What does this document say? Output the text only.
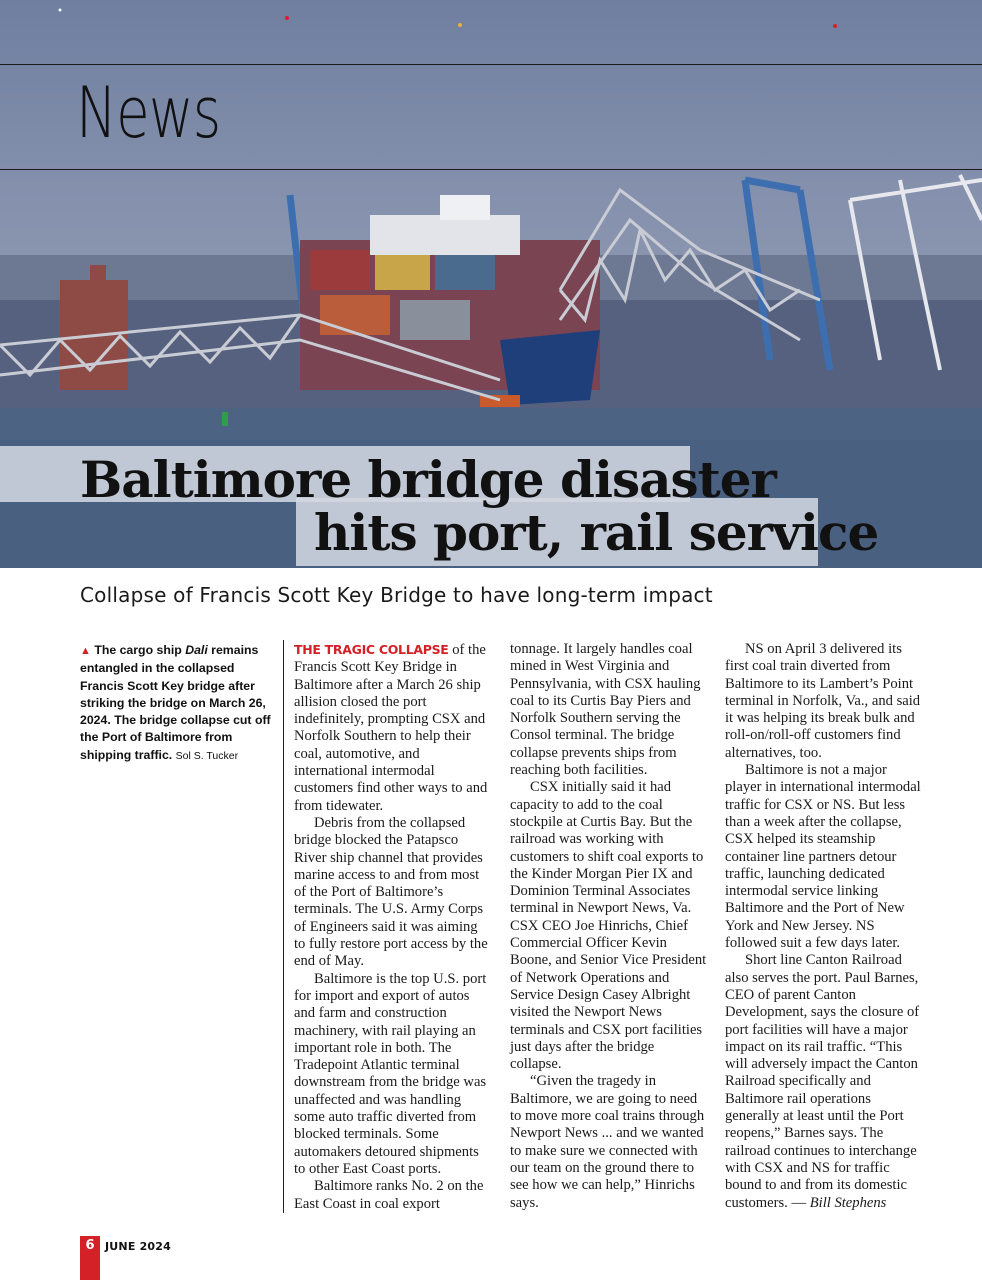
News
Baltimore bridge disaster
hits port, rail service
Collapse of Francis Scott Key Bridge to have long-term impact
▲ The cargo ship Dali remains entangled in the collapsed Francis Scott Key bridge after striking the bridge on March 26, 2024. The bridge collapse cut off the Port of Baltimore from shipping traffic. Sol S. Tucker

THE TRAGIC COLLAPSE of the Francis Scott Key Bridge in Baltimore after a March 26 ship allision closed the port indefinitely, prompting CSX and Norfolk Southern to help their coal, automotive, and international intermodal customers find other ways to and from tidewater.

Debris from the collapsed bridge blocked the Patapsco River ship channel that provides marine access to and from most of the Port of Baltimore’s terminals. The U.S. Army Corps of Engineers said it was aiming to fully restore port access by the end of May.

Baltimore is the top U.S. port for import and export of autos and farm and construction machinery, with rail playing an important role in both. The Tradepoint Atlantic terminal downstream from the bridge was unaffected and was handling some auto traffic diverted from blocked terminals. Some automakers detoured shipments to other East Coast ports.

Baltimore ranks No. 2 on the East Coast in coal export

tonnage. It largely handles coal mined in West Virginia and Pennsylvania, with CSX hauling coal to its Curtis Bay Piers and Norfolk Southern serving the Consol terminal. The bridge collapse prevents ships from reaching both facilities.

CSX initially said it had capacity to add to the coal stockpile at Curtis Bay. But the railroad was working with customers to shift coal exports to the Kinder Morgan Pier IX and Dominion Terminal Associates terminal in Newport News, Va. CSX CEO Joe Hinrichs, Chief Commercial Officer Kevin Boone, and Senior Vice President of Network Operations and Service Design Casey Albright visited the Newport News terminals and CSX port facilities just days after the bridge collapse.

“Given the tragedy in Baltimore, we are going to need to move more coal trains through Newport News ... and we wanted to make sure we connected with our team on the ground there to see how we can help,” Hinrichs says.

NS on April 3 delivered its first coal train diverted from Baltimore to its Lambert’s Point terminal in Norfolk, Va., and said it was helping its break bulk and roll-on/roll-off customers find alternatives, too.

Baltimore is not a major player in international intermodal traffic for CSX or NS. But less than a week after the collapse, CSX helped its steamship container line partners detour traffic, launching dedicated intermodal service linking Baltimore and the Port of New York and New Jersey. NS followed suit a few days later.

Short line Canton Railroad also serves the port. Paul Barnes, CEO of parent Canton Development, says the closure of port facilities will have a major impact on its rail traffic. “This will adversely impact the Canton Railroad specifically and Baltimore rail operations generally at least until the Port reopens,” Barnes says. The railroad continues to interchange with CSX and NS for traffic bound to and from its domestic customers. — Bill Stephens

6 JUNE 2024
